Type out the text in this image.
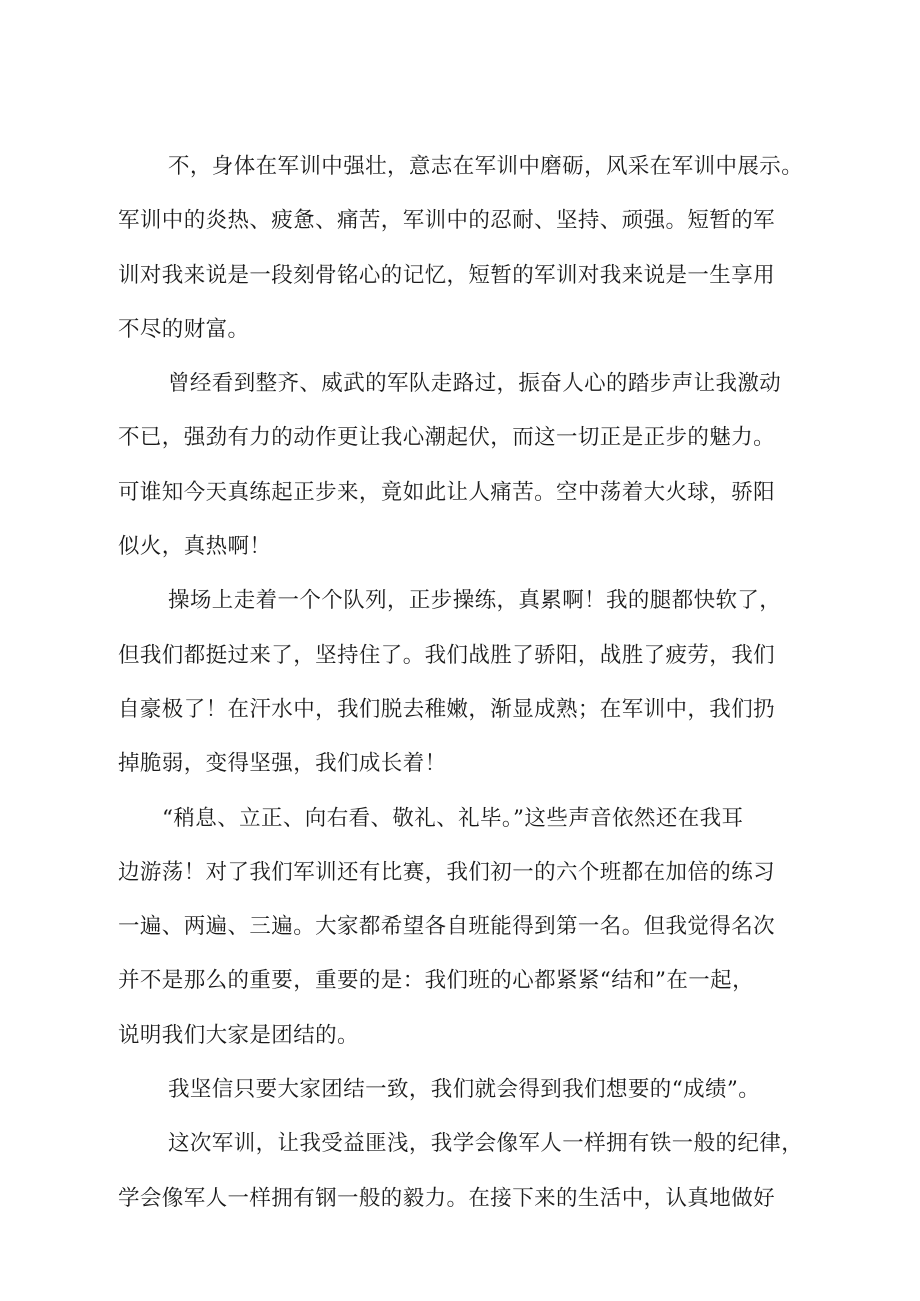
不，身体在军训中强壮，意志在军训中磨砺，风采在军训中展示。
军训中的炎热、疲惫、痛苦，军训中的忍耐、坚持、顽强。短暂的军
训对我来说是一段刻骨铭心的记忆，短暂的军训对我来说是一生享用
不尽的财富。
曾经看到整齐、威武的军队走路过，振奋人心的踏步声让我激动
不已，强劲有力的动作更让我心潮起伏，而这一切正是正步的魅力。
可谁知今天真练起正步来，竟如此让人痛苦。空中荡着大火球，骄阳
似火，真热啊！
操场上走着一个个队列，正步操练，真累啊！我的腿都快软了，
但我们都挺过来了，坚持住了。我们战胜了骄阳，战胜了疲劳，我们
自豪极了！在汗水中，我们脱去稚嫩，渐显成熟；在军训中，我们扔
掉脆弱，变得坚强，我们成长着！
“稍息、立正、向右看、敬礼、礼毕。”这些声音依然还在我耳
边游荡！对了我们军训还有比赛，我们初一的六个班都在加倍的练习
一遍、两遍、三遍。大家都希望各自班能得到第一名。但我觉得名次
并不是那么的重要，重要的是：我们班的心都紧紧“结和”在一起，
说明我们大家是团结的。
我坚信只要大家团结一致，我们就会得到我们想要的“成绩”。
这次军训，让我受益匪浅，我学会像军人一样拥有铁一般的纪律，
学会像军人一样拥有钢一般的毅力。在接下来的生活中，认真地做好
